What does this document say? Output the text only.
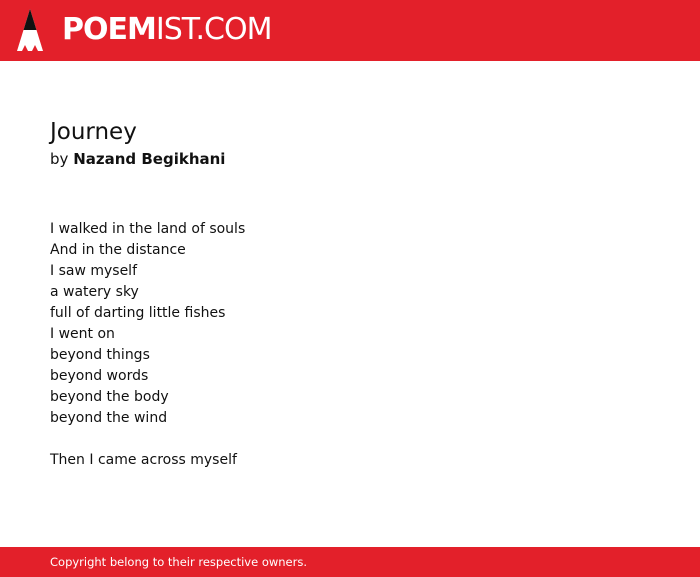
POEMIST.COM
Journey
by Nazand Begikhani
I walked in the land of souls
And in the distance
I saw myself
a watery sky
full of darting little fishes
I went on
beyond things
beyond words
beyond the body
beyond the wind
Then I came across myself
Copyright belong to their respective owners.
